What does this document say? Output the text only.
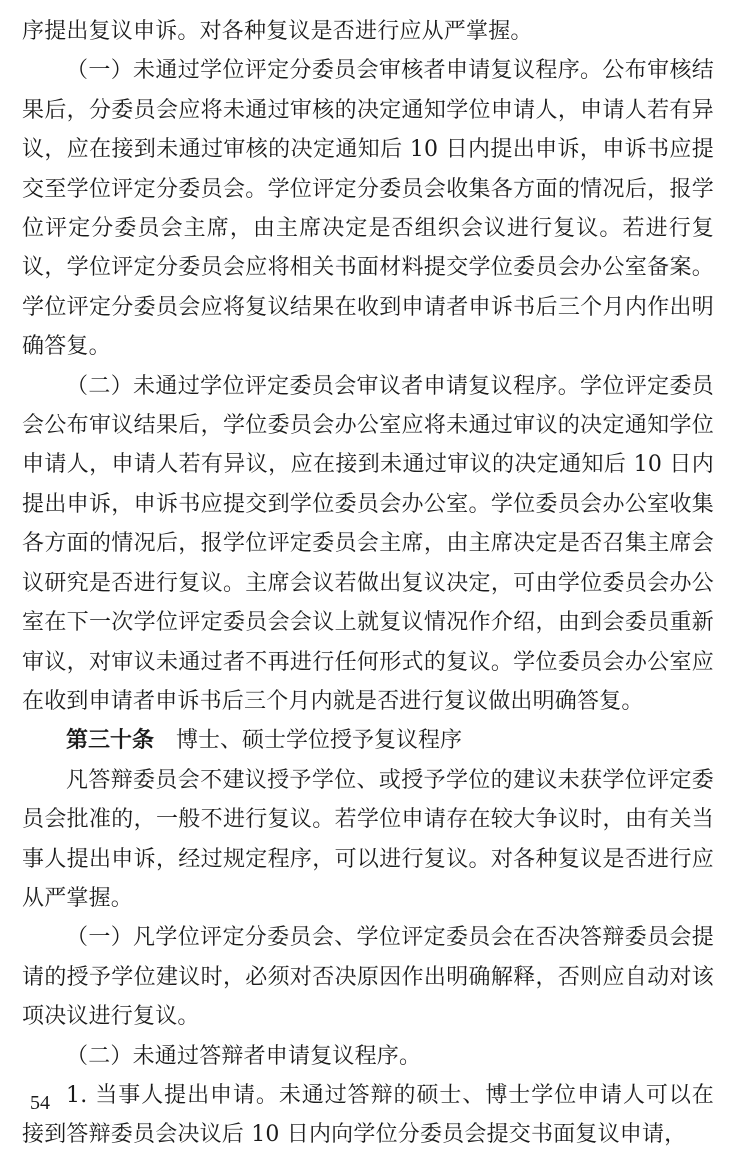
序提出复议申诉。对各种复议是否进行应从严掌握。

（一）未通过学位评定分委员会审核者申请复议程序。公布审核结果后，分委员会应将未通过审核的决定通知学位申请人，申请人若有异议，应在接到未通过审核的决定通知后 10 日内提出申诉，申诉书应提交至学位评定分委员会。学位评定分委员会收集各方面的情况后，报学位评定分委员会主席，由主席决定是否组织会议进行复议。若进行复议，学位评定分委员会应将相关书面材料提交学位委员会办公室备案。学位评定分委员会应将复议结果在收到申请者申诉书后三个月内作出明确答复。

（二）未通过学位评定委员会审议者申请复议程序。学位评定委员会公布审议结果后，学位委员会办公室应将未通过审议的决定通知学位申请人，申请人若有异议，应在接到未通过审议的决定通知后 10 日内提出申诉，申诉书应提交到学位委员会办公室。学位委员会办公室收集各方面的情况后，报学位评定委员会主席，由主席决定是否召集主席会议研究是否进行复议。主席会议若做出复议决定，可由学位委员会办公室在下一次学位评定委员会会议上就复议情况作介绍，由到会委员重新审议，对审议未通过者不再进行任何形式的复议。学位委员会办公室应在收到申请者申诉书后三个月内就是否进行复议做出明确答复。

第三十条 博士、硕士学位授予复议程序

凡答辩委员会不建议授予学位、或授予学位的建议未获学位评定委员会批准的，一般不进行复议。若学位申请存在较大争议时，由有关当事人提出申诉，经过规定程序，可以进行复议。对各种复议是否进行应从严掌握。

（一）凡学位评定分委员会、学位评定委员会在否决答辩委员会提请的授予学位建议时，必须对否决原因作出明确解释，否则应自动对该项决议进行复议。

（二）未通过答辩者申请复议程序。

1. 当事人提出申请。未通过答辩的硕士、博士学位申请人可以在接到答辩委员会决议后 10 日内向学位分委员会提交书面复议申请，

54
